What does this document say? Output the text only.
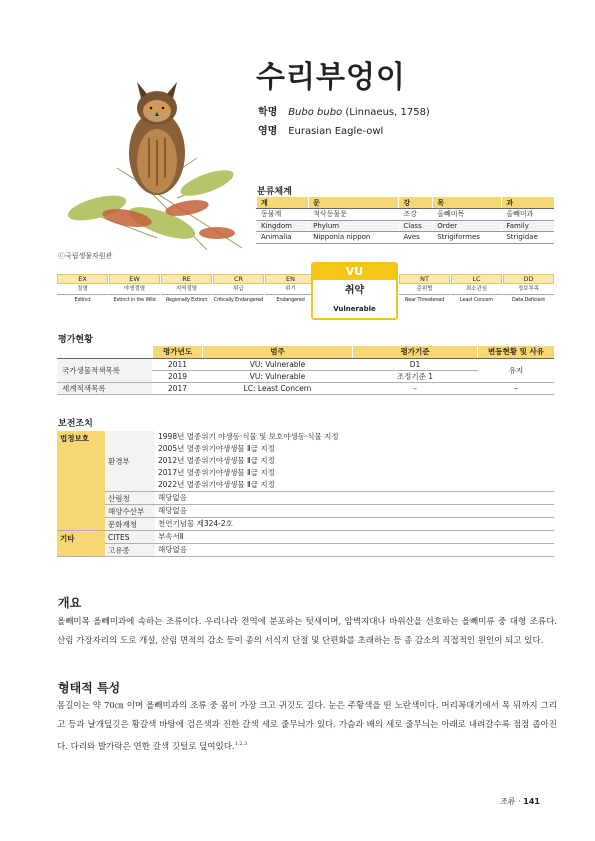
ⓒ국립생물자원관
수리부엉이
학명 Bubo bubo (Linnaeus, 1758)
영명 Eurasian Eagle-owl
분류체계
계	문	강	목	과
동물계	척삭동물문	조강	올빼미목	올빼미과
Kingdom	Phylum	Class	Order	Family
Animalia	Nipponia nippon	Aves	Strigiformes	Strigidae
EX
절멸
Extinct
EW
야생절멸
Extinct in the Wild
RE
지역절멸
Regionally Extinct
CR
위급
Critically Endangered
EN
위기
Endangered
NT
준위협
Near Threatened
LC
최소관심
Least Concern
DD
정보부족
Data Deficient
VU
취약
Vulnerable
평가현황
	평가년도	범주	평가기준	변동현황 및 사유
국가생물적색목록	2011	VU: Vulnerable	D1	유지
	2019	VU: Vulnerable	조정기준 1	
세계적색목록	2017	LC: Least Concern	–	–
보전조치
법정보호	환경부	1998년 멸종위기 야생동·식물 및 보호야생동·식물 지정
2005년 멸종위기야생생물 Ⅱ급 지정
2012년 멸종위기야생생물 Ⅱ급 지정
2017년 멸종위기야생생물 Ⅱ급 지정
2022년 멸종위기야생생물 Ⅱ급 지정

	산림청	해당없음
	해양수산부	해당없음
	문화재청	천연기념물 제324-2호
기타	CITES	부속서Ⅱ
	고유종	해당없음
개요
올빼미목 올빼미과에 속하는 조류이다. 우리나라 전역에 분포하는 텃새이며, 암벽지대나 바위산을 선호하는 올빼미류 중 대형 조류다. 산림 가장자리의 도로 개설, 산림 면적의 감소 등이 종의 서식지 단절 및 단편화를 초래하는 등 종 감소의 직접적인 원인이 되고 있다.
형태적 특성
몸길이는 약 70㎝ 이며 올빼미과의 조류 중 몸이 가장 크고 귀깃도 길다. 눈은 주황색을 띤 노란색이다. 머리꼭대기에서 목 뒤까지 그리고 등과 날개덮깃은 황갈색 바탕에 검은색과 진한 갈색 세로 줄무늬가 있다. 가슴과 배의 세로 줄무늬는 아래로 내려갈수록 점점 좁아진다. 다리와 발가락은 연한 갈색 깃털로 덮여있다.$^{1,2,3}$
조류 · 141
